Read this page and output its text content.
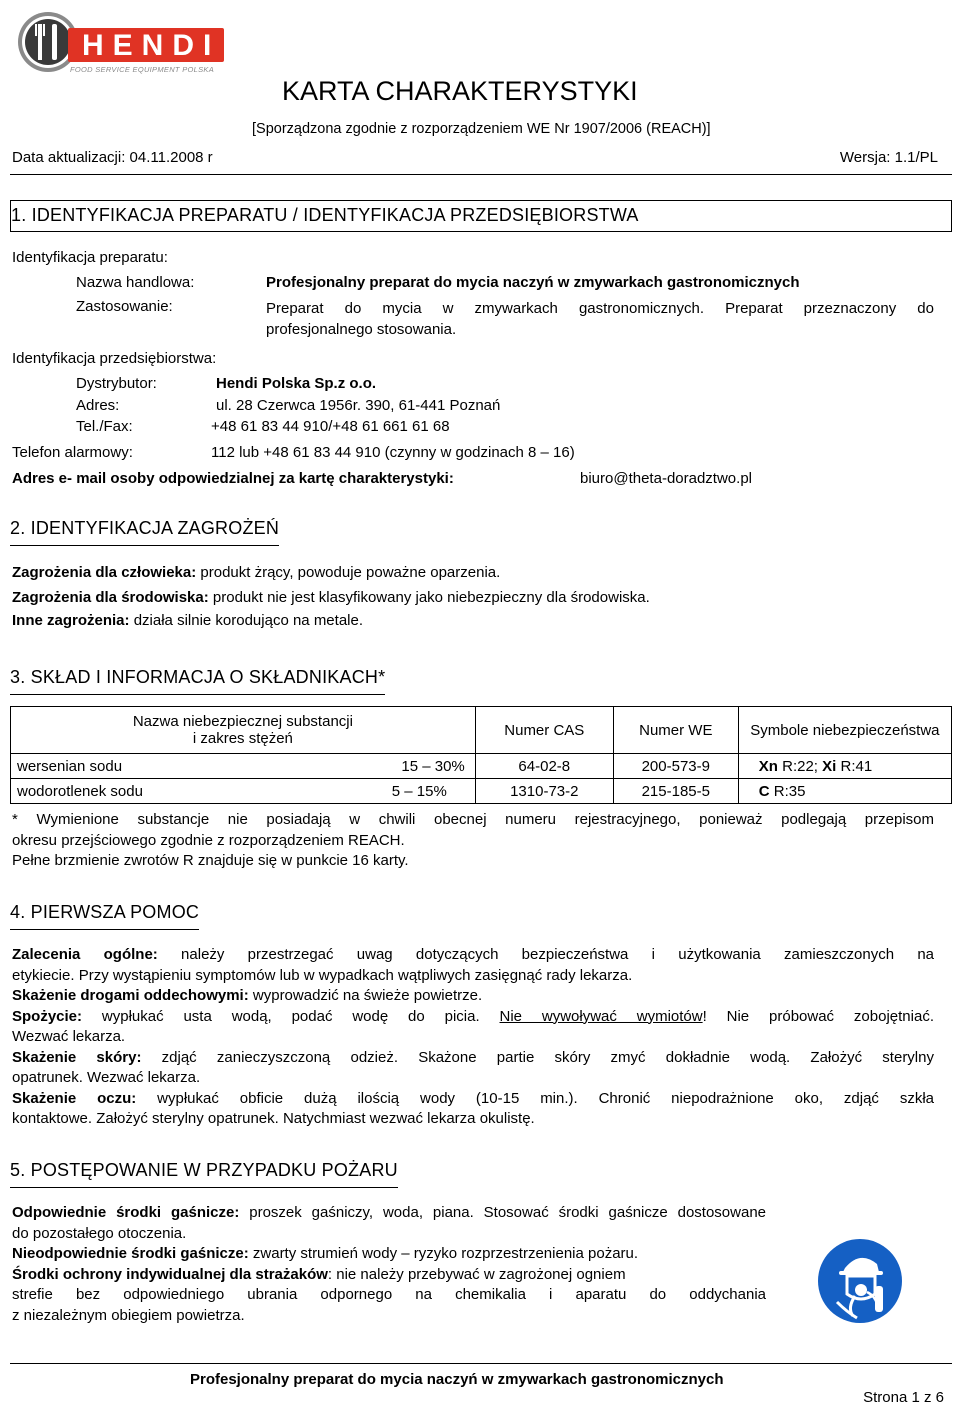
HENDI
FOOD SERVICE EQUIPMENT POLSKA
KARTA CHARAKTERYSTYKI
[Sporządzona zgodnie z rozporządzeniem WE Nr 1907/2006 (REACH)]
Data aktualizacji: 04.11.2008 r	Wersja: 1.1/PL
1. IDENTYFIKACJA PREPARATU / IDENTYFIKACJA PRZEDSIĘBIORSTWA
Identyfikacja preparatu:
Nazwa handlowa:	Profesjonalny preparat do mycia naczyń w zmywarkach gastronomicznych
Zastosowanie:	Preparat do mycia w zmywarkach gastronomicznych. Preparat przeznaczony do
profesjonalnego stosowania.
Identyfikacja przedsiębiorstwa:
Dystrybutor:	Hendi Polska Sp.z o.o.
Adres:	ul. 28 Czerwca 1956r. 390, 61-441 Poznań
Tel./Fax:	+48 61 83 44 910/+48 61 661 61 68
Telefon alarmowy:	112 lub +48 61 83 44 910 (czynny w godzinach 8 – 16)
Adres e- mail osoby odpowiedzialnej za kartę charakterystyki:	biuro@theta-doradztwo.pl
2. IDENTYFIKACJA ZAGROŻEŃ
Zagrożenia dla człowieka: produkt żrący, powoduje poważne oparzenia.
Zagrożenia dla środowiska: produkt nie jest klasyfikowany jako niebezpieczny dla środowiska.
Inne zagrożenia: działa silnie korodująco na metale.
3. SKŁAD I INFORMACJA O SKŁADNIKACH*
Nazwa niebezpiecznej substancji
i zakres stężeń		Numer CAS	Numer WE	Symbole niebezpieczeństwa
wersenian sodu	15 – 30%	64-02-8	200-573-9	Xn R:22; Xi R:41
wodorotlenek sodu	5 – 15%	1310-73-2	215-185-5	C R:35
* Wymienione substancje nie posiadają w chwili obecnej numeru rejestracyjnego, ponieważ podlegają przepisom
okresu przejściowego zgodnie z rozporządzeniem REACH.
Pełne brzmienie zwrotów R znajduje się w punkcie 16 karty.
4. PIERWSZA POMOC
Zalecenia ogólne: należy przestrzegać uwag dotyczących bezpieczeństwa i użytkowania zamieszczonych na
etykiecie. Przy wystąpieniu symptomów lub w wypadkach wątpliwych zasięgnąć rady lekarza.
Skażenie drogami oddechowymi: wyprowadzić na świeże powietrze.
Spożycie: wypłukać usta wodą, podać wodę do picia. Nie wywoływać wymiotów! Nie próbować zobojętniać.
Wezwać lekarza.
Skażenie skóry: zdjąć zanieczyszczoną odzież. Skażone partie skóry zmyć dokładnie wodą. Założyć sterylny
opatrunek. Wezwać lekarza.
Skażenie oczu: wypłukać obficie dużą ilością wody (10-15 min.). Chronić niepodrażnione oko, zdjąć szkła
kontaktowe. Założyć sterylny opatrunek. Natychmiast wezwać lekarza okulistę.
5. POSTĘPOWANIE W PRZYPADKU POŻARU
Odpowiednie środki gaśnicze: proszek gaśniczy, woda, piana. Stosować środki gaśnicze dostosowane
do pozostałego otoczenia.
Nieodpowiednie środki gaśnicze: zwarty strumień wody – ryzyko rozprzestrzenienia pożaru.
Środki ochrony indywidualnej dla strażaków: nie należy przebywać w zagrożonej ogniem
strefie bez odpowiedniego ubrania odpornego na chemikalia i aparatu do oddychania
z niezależnym obiegiem powietrza.
Profesjonalny preparat do mycia naczyń w zmywarkach gastronomicznych
Strona 1 z 6
